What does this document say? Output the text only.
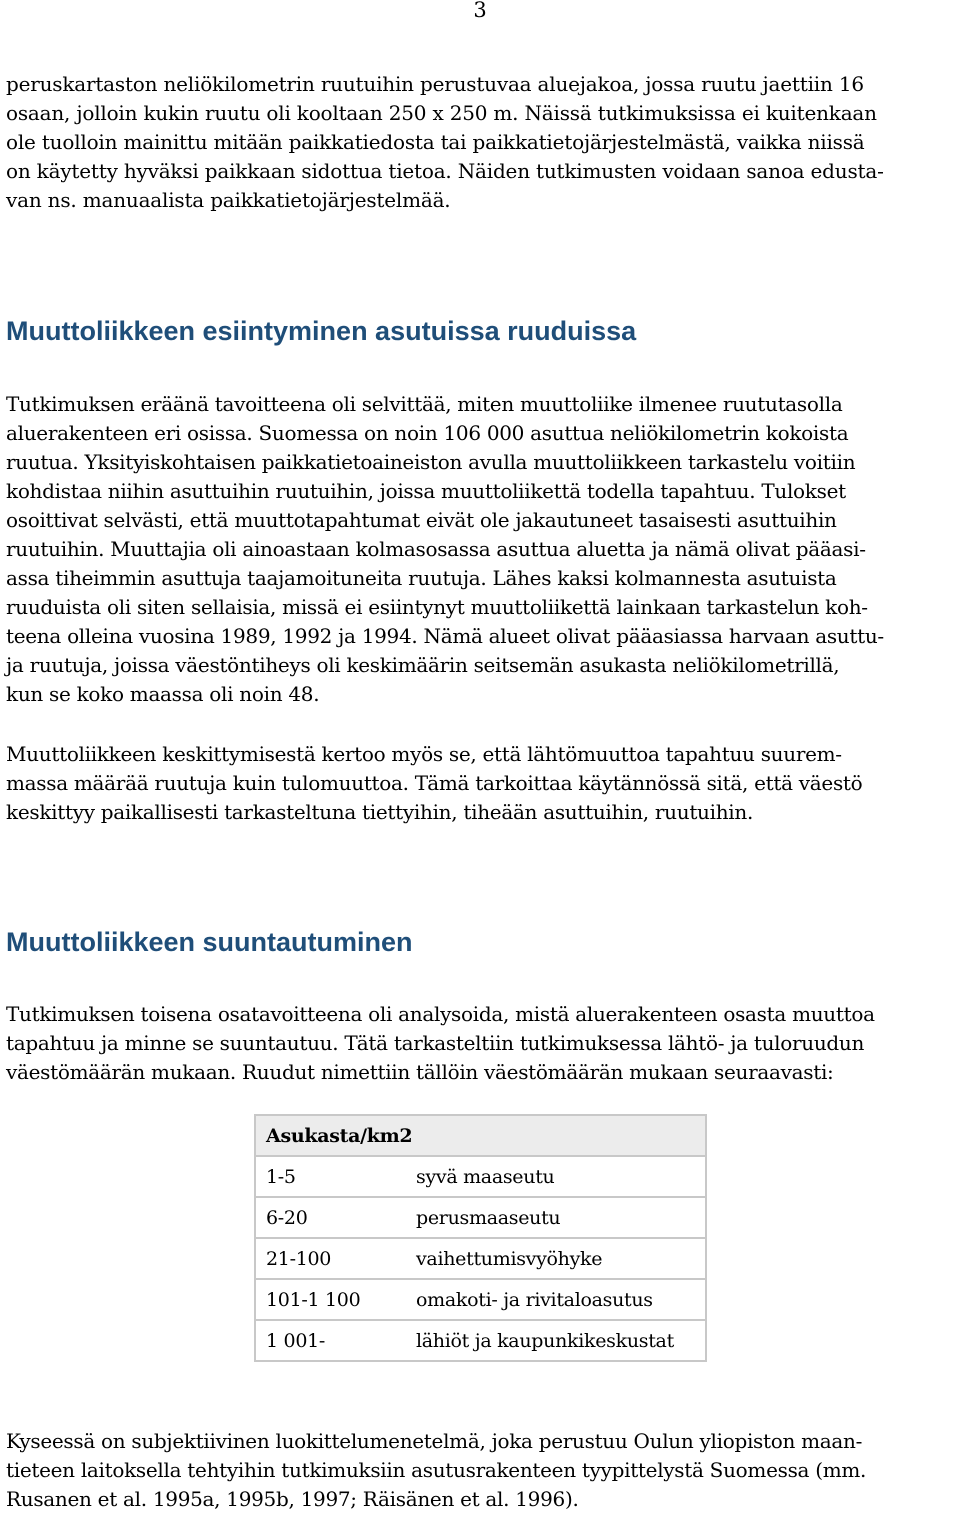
3
peruskartaston neliökilometrin ruutuihin perustuvaa aluejakoa, jossa ruutu jaettiin 16
osaan, jolloin kukin ruutu oli kooltaan 250 x 250 m. Näissä tutkimuksissa ei kuitenkaan
ole tuolloin mainittu mitään paikkatiedosta tai paikkatietojärjestelmästä, vaikka niissä
on käytetty hyväksi paikkaan sidottua tietoa. Näiden tutkimusten voidaan sanoa edusta-
van ns. manuaalista paikkatietojärjestelmää.
Muuttoliikkeen esiintyminen asutuissa ruuduissa
Tutkimuksen eräänä tavoitteena oli selvittää, miten muuttoliike ilmenee ruututasolla
aluerakenteen eri osissa. Suomessa on noin 106 000 asuttua neliökilometrin kokoista
ruutua. Yksityiskohtaisen paikkatietoaineiston avulla muuttoliikkeen tarkastelu voitiin
kohdistaa niihin asuttuihin ruutuihin, joissa muuttoliikettä todella tapahtuu. Tulokset
osoittivat selvästi, että muuttotapahtumat eivät ole jakautuneet tasaisesti asuttuihin
ruutuihin. Muuttajia oli ainoastaan kolmasosassa asuttua aluetta ja nämä olivat pääasi-
assa tiheimmin asuttuja taajamoituneita ruutuja. Lähes kaksi kolmannesta asutuista
ruuduista oli siten sellaisia, missä ei esiintynyt muuttoliikettä lainkaan tarkastelun koh-
teena olleina vuosina 1989, 1992 ja 1994. Nämä alueet olivat pääasiassa harvaan asuttu-
ja ruutuja, joissa väestöntiheys oli keskimäärin seitsemän asukasta neliökilometrillä,
kun se koko maassa oli noin 48.
Muuttoliikkeen keskittymisestä kertoo myös se, että lähtömuuttoa tapahtuu suurem-
massa määrää ruutuja kuin tulomuuttoa. Tämä tarkoittaa käytännössä sitä, että väestö
keskittyy paikallisesti tarkasteltuna tiettyihin, tiheään asuttuihin, ruutuihin.
Muuttoliikkeen suuntautuminen
Tutkimuksen toisena osatavoitteena oli analysoida, mistä aluerakenteen osasta muuttoa
tapahtuu ja minne se suuntautuu. Tätä tarkasteltiin tutkimuksessa lähtö- ja tuloruudun
väestömäärän mukaan. Ruudut nimettiin tällöin väestömäärän mukaan seuraavasti:
Asukasta/km2	
1-5	syvä maaseutu
6-20	perusmaaseutu
21-100	vaihettumisvyöhyke
101-1 100	omakoti- ja rivitaloasutus
1 001-	lähiöt ja kaupunkikeskustat
Kyseessä on subjektiivinen luokittelumenetelmä, joka perustuu Oulun yliopiston maan-
tieteen laitoksella tehtyihin tutkimuksiin asutusrakenteen tyypittelystä Suomessa (mm.
Rusanen et al. 1995a, 1995b, 1997; Räisänen et al. 1996).
